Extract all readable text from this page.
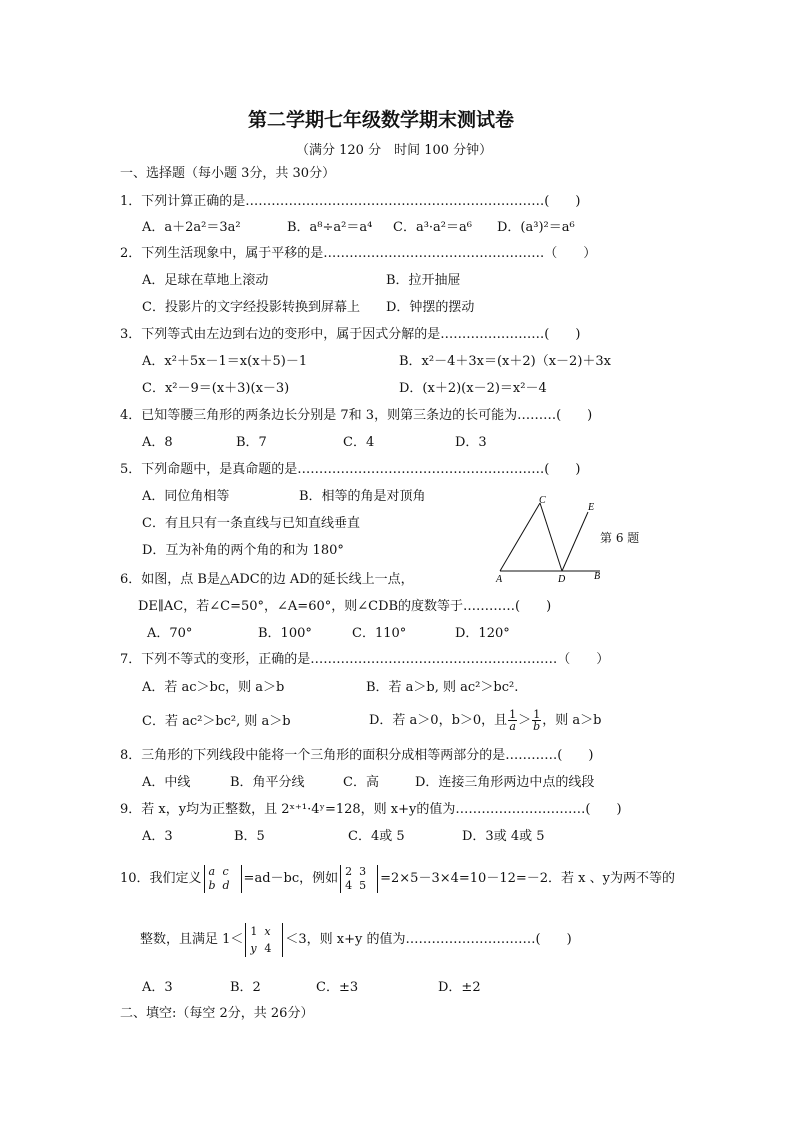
第二学期七年级数学期末测试卷
（满分 120 分　时间 100 分钟）
一、选择题（每小题 3分，共 30分）
1．下列计算正确的是……………………………………………………………(　　)
A．a＋2a²＝3a²	B．a⁸÷a²＝a⁴ C．a³·a²＝a⁶ D．(a³)²＝a⁶
2．下列生活现象中，属于平移的是……………………………………………（　　）
A．足球在草地上滚动	B．拉开抽屉
C．投影片的文字经投影转换到屏幕上 D．钟摆的摆动
3．下列等式由左边到右边的变形中，属于因式分解的是……………………(　　)
A．x²＋5x－1＝x(x＋5)－1	B．x²－4＋3x＝(x＋2)（x－2)＋3x
C．x²－9＝(x＋3)(x－3)	D．(x＋2)(x－2)＝x²－4
4．已知等腰三角形的两条边长分别是 7和 3，则第三条边的长可能为………(　　)
A．8	B．7	C．4	D．3
5．下列命题中，是真命题的是…………………………………………………(　　)
A．同位角相等	B．相等的角是对顶角
C．有且只有一条直线与已知直线垂直
D．互为补角的两个角的和为 180°
A
C
D	B
E
第 6 题
6．如图，点 B是△ADC的边 AD的延长线上一点，
DE∥AC，若∠C=50°，∠A=60°，则∠CDB的度数等于…………(　　)
A．70°	B．100°	C．110°	D．120°
7．下列不等式的变形，正确的是…………………………………………………（　　）
A．若 ac＞bc，则 a＞b	B．若 a＞b, 则 ac²＞bc².
C．若 ac²＞bc², 则 a＞b	D．若 a＞0，b＞0，且 $\frac{1}{a} > \frac{1}{b}$ ，则 a＞b
8．三角形的下列线段中能将一个三角形的面积分成相等两部分的是…………(　　)
A．中线	B．角平分线	C．高	D．连接三角形两边中点的线段
9．若 x，y均为正整数，且 2ˣ⁺¹·4ʸ=128，则 x+y的值为…………………………(　　)
A．3	B．5	C．4或 5	D．3或 4或 5
10．我们定义 a c
b d =ad－bc，例如 2 3
4 5 =2×5－3×4=10－12=－2．若 x 、y为两不等的
整数，且满足 1＜1 x
y 4＜3，则 x+y 的值为…………………………(　　)
A．3	B．2	C．±3	D．±2
二、填空:（每空 2分，共 26分）
